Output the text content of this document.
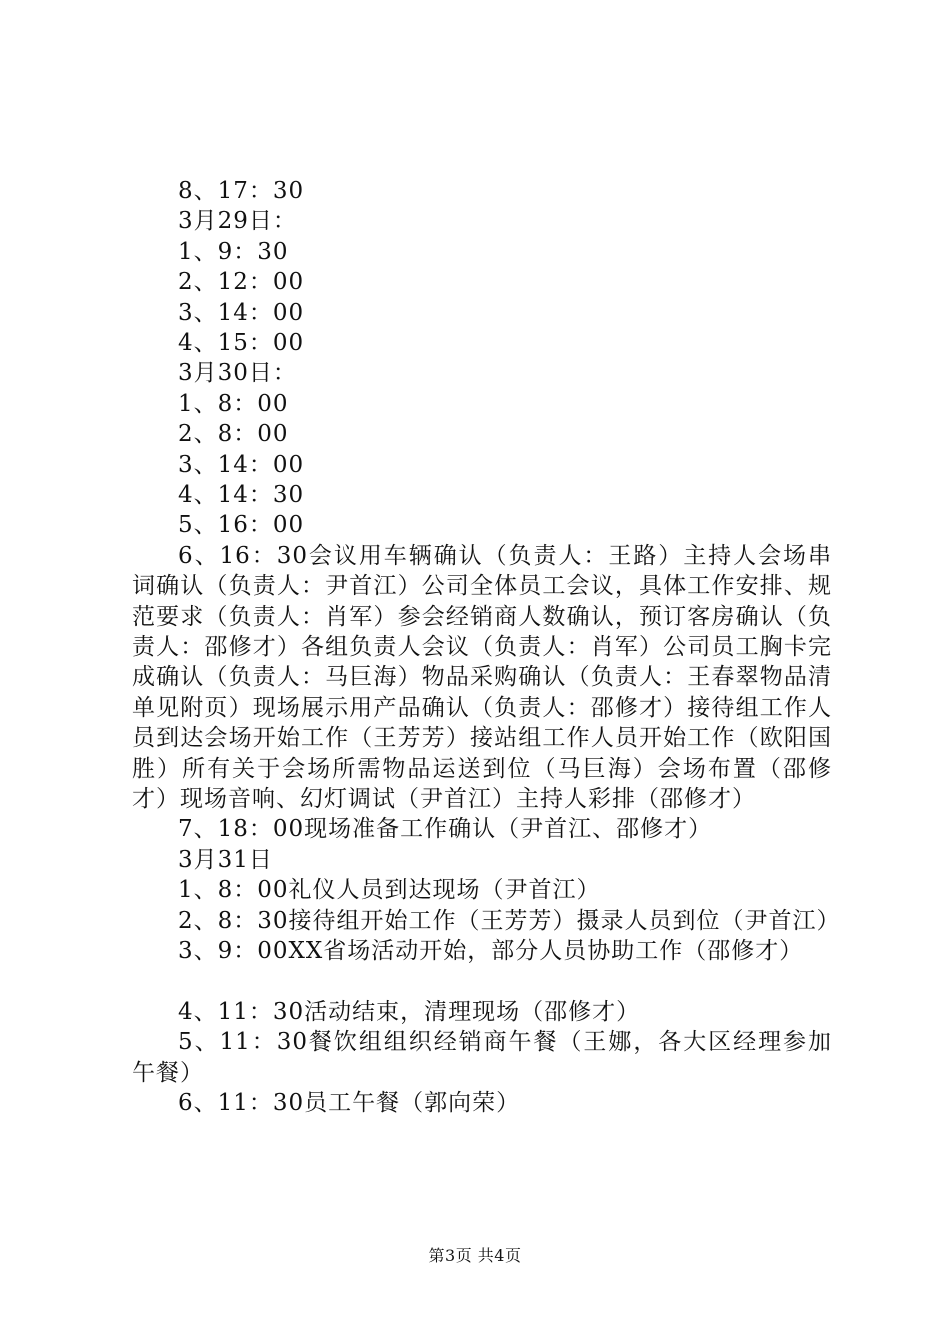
8、17：30
3月29日：
1、9：30
2、12：00
3、14：00
4、15：00
3月30日：
1、8：00
2、8：00
3、14：00
4、14：30
5、16：00

6、16：30会议用车辆确认（负责人：王路）主持人会场串词确认（负责人：尹首江）公司全体员工会议，具体工作安排、规范要求（负责人：肖军）参会经销商人数确认，预订客房确认（负责人：邵修才）各组负责人会议（负责人：肖军）公司员工胸卡完成确认（负责人：马巨海）物品采购确认（负责人：王春翠物品清单见附页）现场展示用产品确认（负责人：邵修才）接待组工作人员到达会场开始工作（王芳芳）接站组工作人员开始工作（欧阳国胜）所有关于会场所需物品运送到位（马巨海）会场布置（邵修才）现场音响、幻灯调试（尹首江）主持人彩排（邵修才）

7、18：00现场准备工作确认（尹首江、邵修才）
3月31日
1、8：00礼仪人员到达现场（尹首江）

2、8：30接待组开始工作（王芳芳）摄录人员到位（尹首江）

3、9：00XX省场活动开始，部分人员协助工作（邵修才）
4、11：30活动结束，清理现场（邵修才）

5、11：30餐饮组组织经销商午餐（王娜，各大区经理参加午餐）

6、11：30员工午餐（郭向荣）
第3页 共4页
